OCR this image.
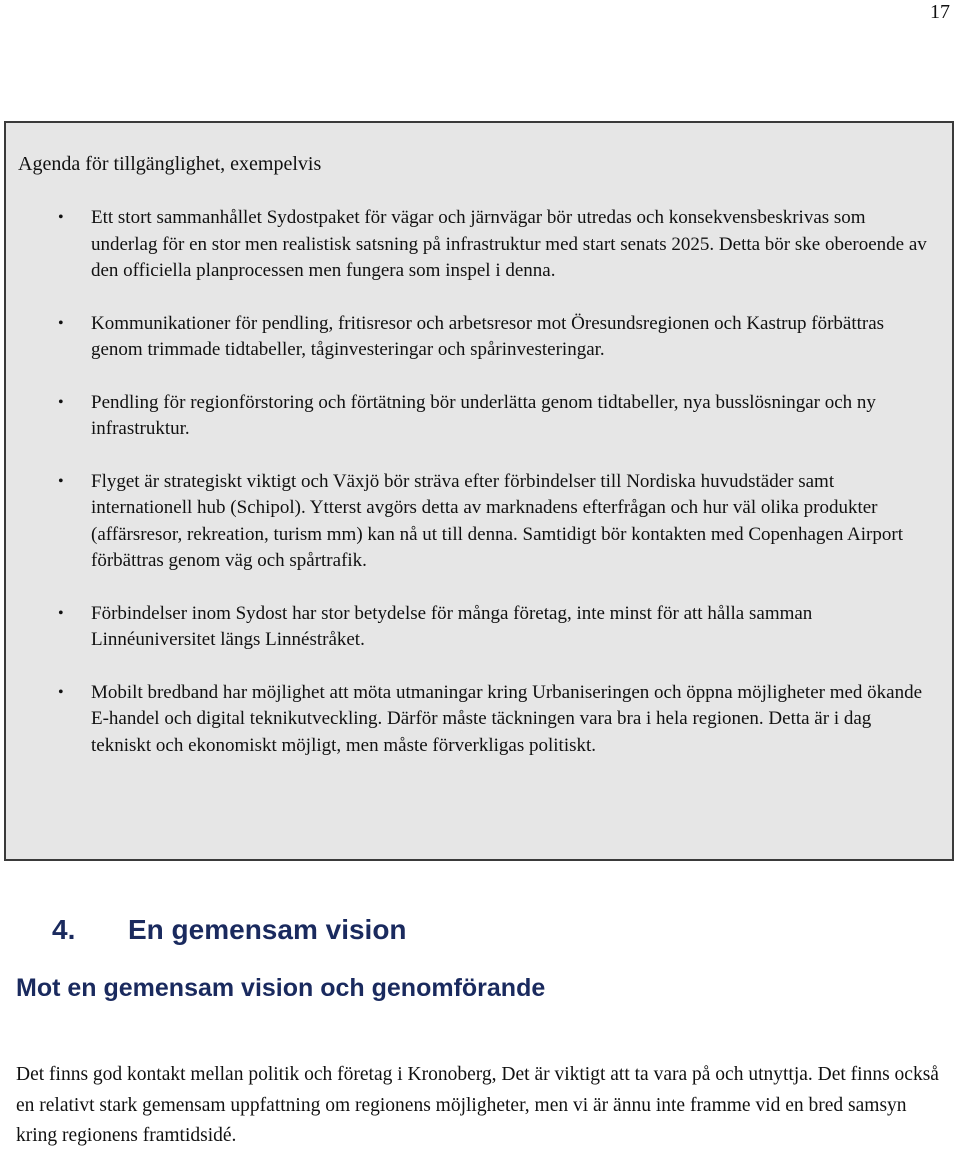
17
Agenda för tillgänglighet, exempelvis
• Ett stort sammanhållet Sydostpaket för vägar och järnvägar bör utredas och konsekvensbeskrivas som underlag för en stor men realistisk satsning på infrastruktur med start senats 2025. Detta bör ske oberoende av den officiella planprocessen men fungera som inspel i denna.
• Kommunikationer för pendling, fritisresor och arbetsresor mot Öresundsregionen och Kastrup förbättras genom trimmade tidtabeller, tåginvesteringar och spårinvesteringar.
• Pendling för regionförstoring och förtätning bör underlätta genom tidtabeller, nya busslösningar och ny infrastruktur.
• Flyget är strategiskt viktigt och Växjö bör sträva efter förbindelser till Nordiska huvudstäder samt internationell hub (Schipol). Ytterst avgörs detta av marknadens efterfrågan och hur väl olika produkter (affärsresor, rekreation, turism mm) kan nå ut till denna. Samtidigt bör kontakten med Copenhagen Airport förbättras genom väg och spårtrafik.
• Förbindelser inom Sydost har stor betydelse för många företag, inte minst för att hålla samman Linnéuniversitet längs Linnéstråket.
• Mobilt bredband har möjlighet att möta utmaningar kring Urbaniseringen och öppna möjligheter med ökande E-handel och digital teknikutveckling. Därför måste täckningen vara bra i hela regionen. Detta är i dag tekniskt och ekonomiskt möjligt, men måste förverkligas politiskt.
4. En gemensam vision
Mot en gemensam vision och genomförande

Det finns god kontakt mellan politik och företag i Kronoberg, Det är viktigt att ta vara på och utnyttja. Det finns också en relativt stark gemensam uppfattning om regionens möjligheter, men vi är ännu inte framme vid en bred samsyn kring regionens framtidsidé.
